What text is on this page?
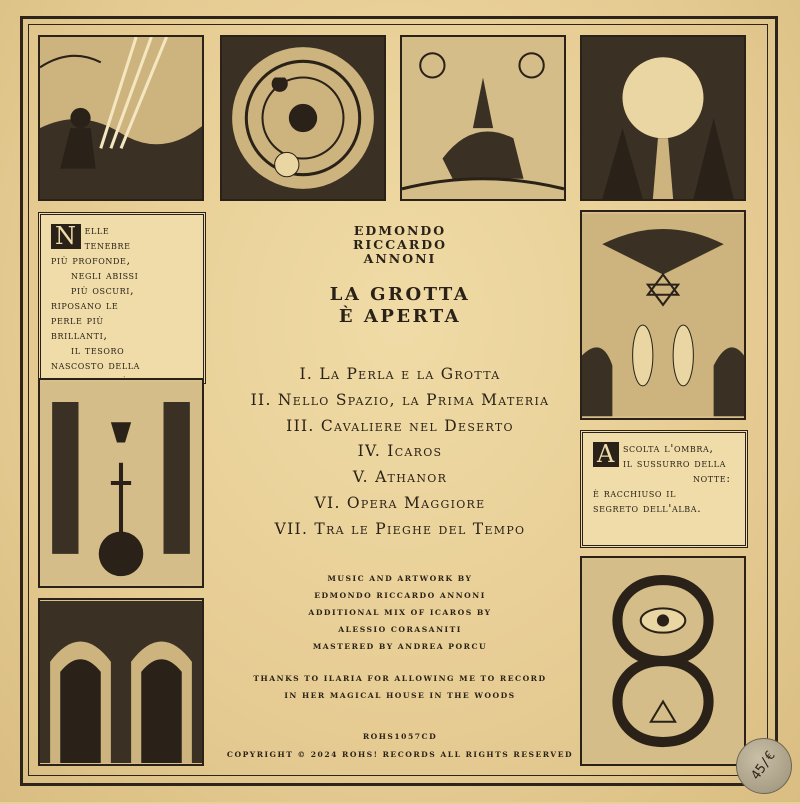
N elle
tenebre
più profonde,
negli abissi
più oscuri,
riposano le
perle più
brillanti,
il tesoro
nascosto della
A scolta l'ombra,
il sussurro della
notte:
è racchiuso il
segreto dell'alba.
EDMONDO
RICCARDO
ANNONI
LA GROTTA
È APERTA
I. La Perla e la Grotta
II. Nello Spazio, la Prima Materia
III. Cavaliere nel Deserto
IV. Icaros
V. Athanor
VI. Opera Maggiore
VII. Tra le Pieghe del Tempo
MUSIC AND ARTWORK BY
EDMONDO RICCARDO ANNONI
ADDITIONAL MIX OF ICAROS BY
ALESSIO CORASANITI
MASTERED BY ANDREA PORCU
THANKS TO ILARIA FOR ALLOWING ME TO RECORD
IN HER MAGICAL HOUSE IN THE WOODS
ROHS1057CD
COPYRIGHT © 2024 ROHS! RECORDS ALL RIGHTS RESERVED	45/€
